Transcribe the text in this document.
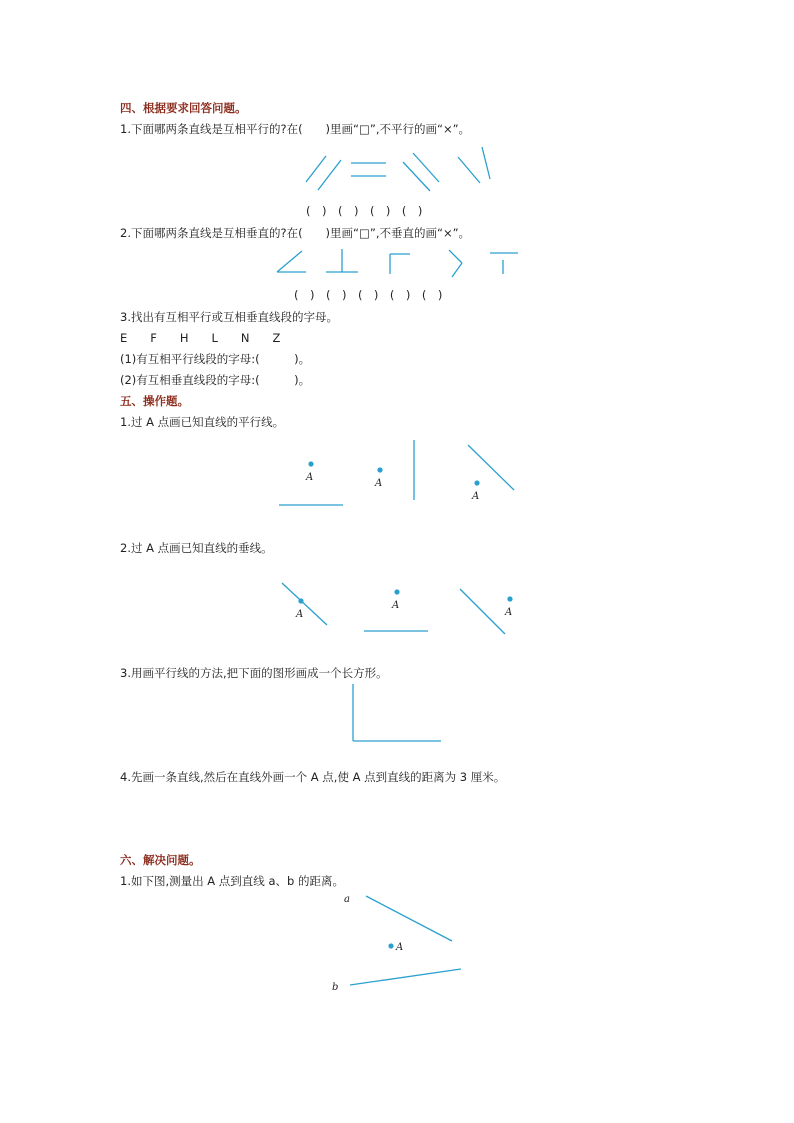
四、根据要求回答问题。
1.下面哪两条直线是互相平行的?在(　　)里画“□”,不平行的画“×”。
A
A
A
A
A
A
a
A
b
(　)　(　)　(　)　(　)
2.下面哪两条直线是互相垂直的?在(　　)里画“□”,不垂直的画“×”。
(　)　(　)　(　)　(　)　(　)
3.找出有互相平行或互相垂直线段的字母。
E　　F　　H　　L　　N　　Z
(1)有互相平行线段的字母:(　　　)。
(2)有互相垂直线段的字母:(　　　)。
五、操作题。
1.过 A 点画已知直线的平行线。
2.过 A 点画已知直线的垂线。
3.用画平行线的方法,把下面的图形画成一个长方形。
4.先画一条直线,然后在直线外画一个 A 点,使 A 点到直线的距离为 3 厘米。
六、解决问题。
1.如下图,测量出 A 点到直线 a、b 的距离。
